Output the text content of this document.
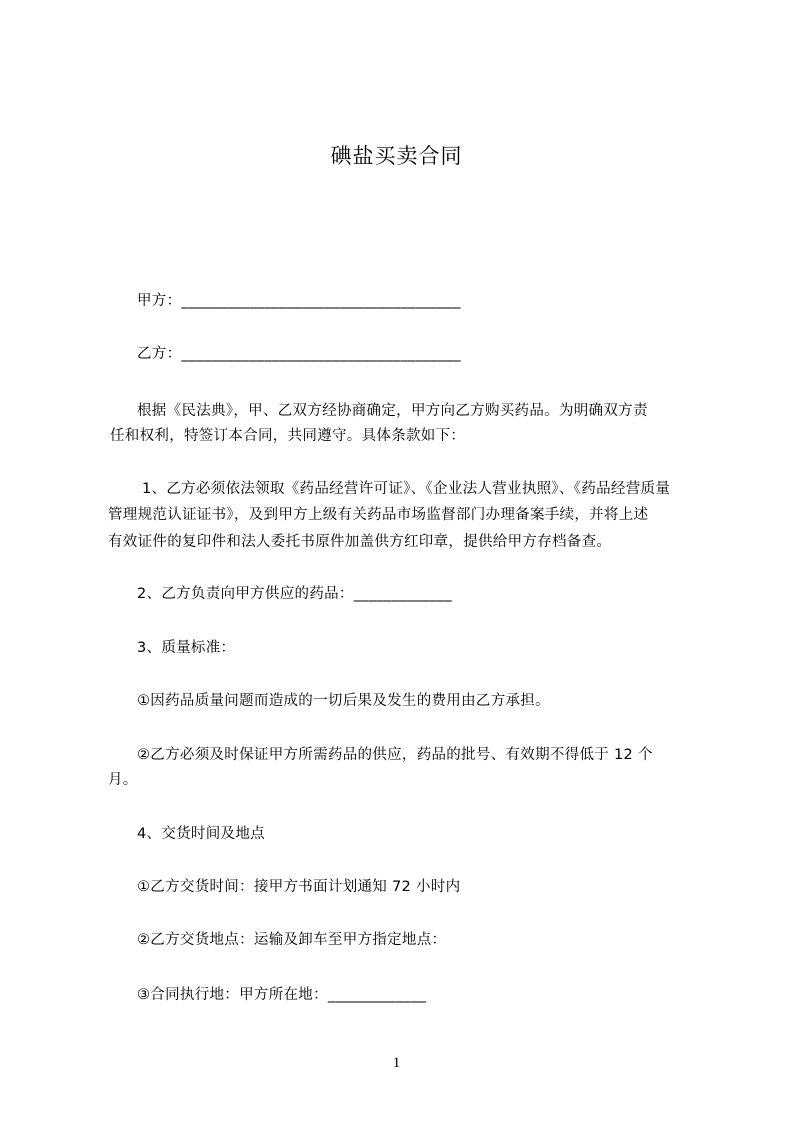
碘盐买卖合同
甲方：_____________________________________
乙方：_____________________________________
根据《民法典》，甲、乙双方经协商确定，甲方向乙方购买药品。为明确双方责
任和权利，特签订本合同，共同遵守。具体条款如下：
1、乙方必须依法领取《药品经营许可证》、《企业法人营业执照》、《药品经营质量
管理规范认证证书》，及到甲方上级有关药品市场监督部门办理备案手续，并将上述
有效证件的复印件和法人委托书原件加盖供方红印章，提供给甲方存档备查。
2、乙方负责向甲方供应的药品：_____________
3、质量标准：
①因药品质量问题而造成的一切后果及发生的费用由乙方承担。
②乙方必须及时保证甲方所需药品的供应，药品的批号、有效期不得低于 12 个
月。
4、交货时间及地点
①乙方交货时间：接甲方书面计划通知 72 小时内
②乙方交货地点：运输及卸车至甲方指定地点：
③合同执行地：甲方所在地：_____________
1
